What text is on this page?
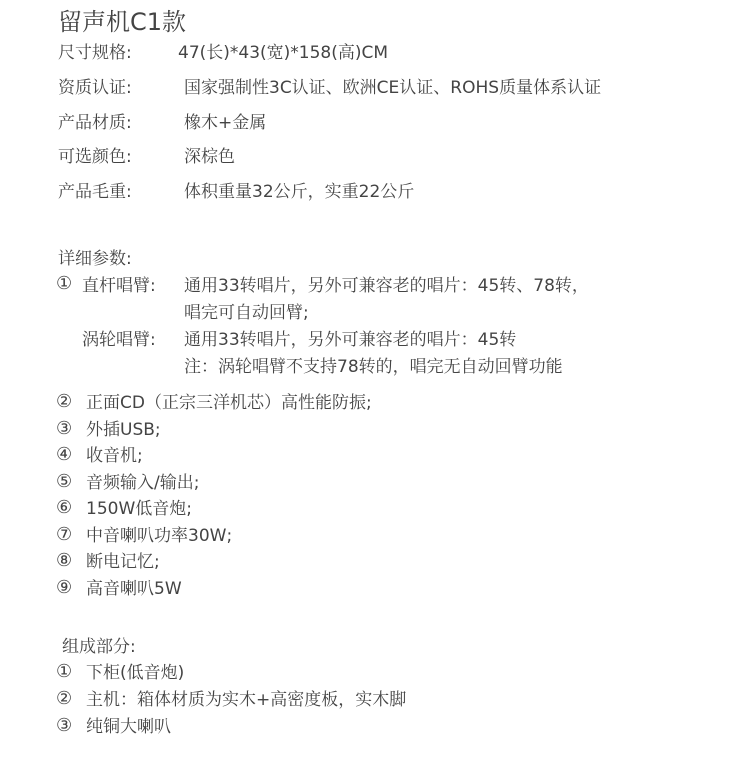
留声机C1款
尺寸规格:	47(长)*43(宽)*158(高)CM
资质认证:	国家强制性3C认证、欧洲CE认证、ROHS质量体系认证
产品材质:	橡木+金属
可选颜色:	深棕色
产品毛重:	体积重量32公斤，实重22公斤
详细参数:
① 直杆唱臂: 通用33转唱片，另外可兼容老的唱片：45转、78转，
唱完可自动回臂;
涡轮唱臂: 通用33转唱片，另外可兼容老的唱片：45转
注：涡轮唱臂不支持78转的，唱完无自动回臂功能
② 正面CD（正宗三洋机芯）高性能防振;
③ 外插USB;
④ 收音机;
⑤ 音频输入/输出;
⑥ 150W低音炮;
⑦ 中音喇叭功率30W;
⑧ 断电记忆;
⑨ 高音喇叭5W
组成部分:
① 下柜(低音炮)
② 主机：箱体材质为实木+高密度板，实木脚
③ 纯铜大喇叭
